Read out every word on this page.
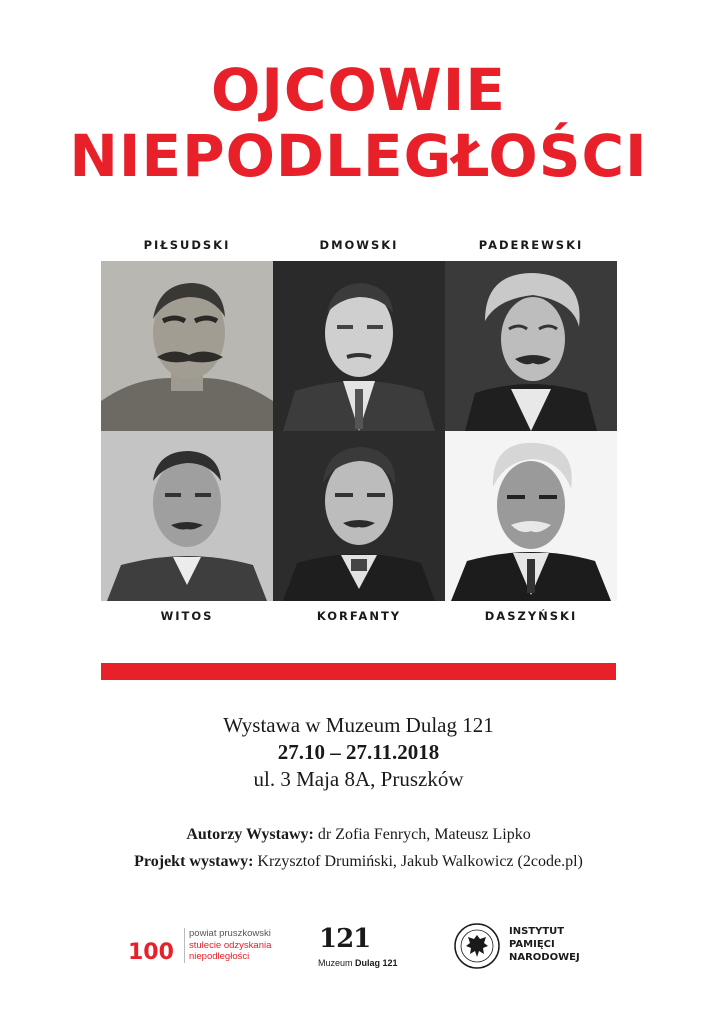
OJCOWIE
NIEPODLEGŁOŚCI
PIŁSUDSKI	DMOWSKI	PADEREWSKI
WITOS	KORFANTY	DASZYŃSKI
Wystawa w Muzeum Dulag 121
27.10 – 27.11.2018
ul. 3 Maja 8A, Pruszków
Autorzy Wystawy: dr Zofia Fenrych, Mateusz Lipko
Projekt wystawy: Krzysztof Drumiński, Jakub Walkowicz (2code.pl)
100
powiat pruszkowski
stulecie odzyskania
niepodległości
121
Muzeum Dulag 121
INSTYTUT
PAMIĘCI
NARODOWEJ
